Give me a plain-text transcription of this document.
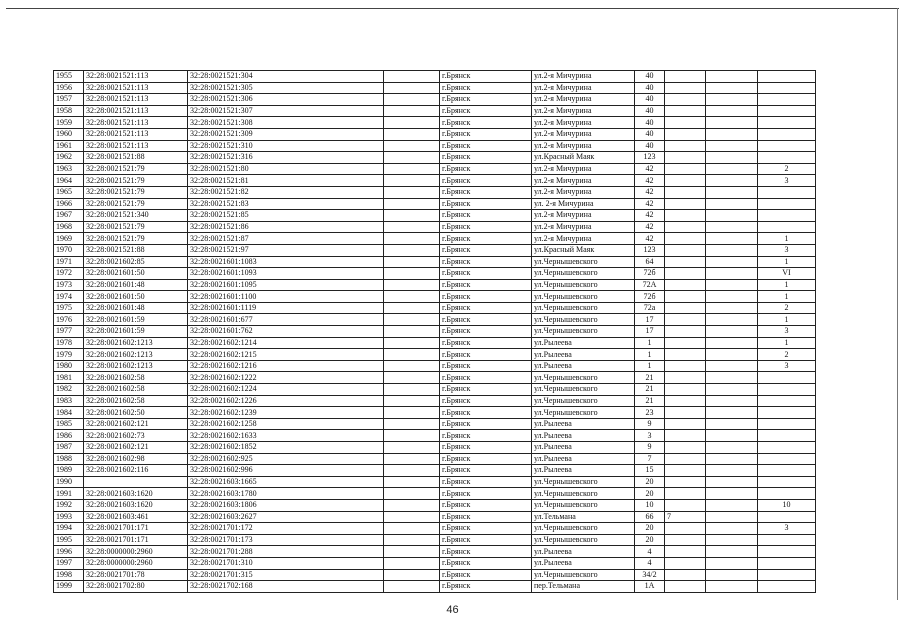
1955	32:28:0021521:113	32:28:0021521:304		г.Брянск	ул.2-я Мичурина	40			
1956	32:28:0021521:113	32:28:0021521:305		г.Брянск	ул.2-я Мичурина	40			
1957	32:28:0021521:113	32:28:0021521:306		г.Брянск	ул.2-я Мичурина	40			
1958	32:28:0021521:113	32:28:0021521:307		г.Брянск	ул.2-я Мичурина	40			
1959	32:28:0021521:113	32:28:0021521:308		г.Брянск	ул.2-я Мичурина	40			
1960	32:28:0021521:113	32:28:0021521:309		г.Брянск	ул.2-я Мичурина	40			
1961	32:28:0021521:113	32:28:0021521:310		г.Брянск	ул.2-я Мичурина	40			
1962	32:28:0021521:88	32:28:0021521:316		г.Брянск	ул.Красный Маяк	123			
1963	32:28:0021521:79	32:28:0021521:80		г.Брянск	ул.2-я Мичурина	42			2
1964	32:28:0021521:79	32:28:0021521:81		г.Брянск	ул.2-я Мичурина	42			3
1965	32:28:0021521:79	32:28:0021521:82		г.Брянск	ул.2-я Мичурина	42			
1966	32:28:0021521:79	32:28:0021521:83		г.Брянск	ул. 2-я Мичурина	42			
1967	32:28:0021521:340	32:28:0021521:85		г.Брянск	ул.2-я Мичурина	42			
1968	32:28:0021521:79	32:28:0021521:86		г.Брянск	ул.2-я Мичурина	42			
1969	32:28:0021521:79	32:28:0021521:87		г.Брянск	ул.2-я Мичурина	42			1
1970	32:28:0021521:88	32:28:0021521:97		г.Брянск	ул.Красный Маяк	123			3
1971	32:28:0021602:85	32:28:0021601:1083		г.Брянск	ул.Чернышевского	64			1
1972	32:28:0021601:50	32:28:0021601:1093		г.Брянск	ул.Чернышевского	72б			VI
1973	32:28:0021601:48	32:28:0021601:1095		г.Брянск	ул.Чернышевского	72А			1
1974	32:28:0021601:50	32:28:0021601:1100		г.Брянск	ул.Чернышевского	72б			1
1975	32:28:0021601:48	32:28:0021601:1119		г.Брянск	ул.Чернышевского	72а			2
1976	32:28:0021601:59	32:28:0021601:677		г.Брянск	ул.Чернышевского	17			1
1977	32:28:0021601:59	32:28:0021601:762		г.Брянск	ул.Чернышевского	17			3
1978	32:28:0021602:1213	32:28:0021602:1214		г.Брянск	ул.Рылеева	1			1
1979	32:28:0021602:1213	32:28:0021602:1215		г.Брянск	ул.Рылеева	1			2
1980	32:28:0021602:1213	32:28:0021602:1216		г.Брянск	ул.Рылеева	1			3
1981	32:28:0021602:58	32:28:0021602:1222		г.Брянск	ул.Чернышевского	21			
1982	32:28:0021602:58	32:28:0021602:1224		г.Брянск	ул.Чернышевского	21			
1983	32:28:0021602:58	32:28:0021602:1226		г.Брянск	ул.Чернышевского	21			
1984	32:28:0021602:50	32:28:0021602:1239		г.Брянск	ул.Чернышевского	23			
1985	32:28:0021602:121	32:28:0021602:1258		г.Брянск	ул.Рылеева	9			
1986	32:28:0021602:73	32:28:0021602:1633		г.Брянск	ул.Рылеева	3			
1987	32:28:0021602:121	32:28:0021602:1852		г.Брянск	ул.Рылеева	9			
1988	32:28:0021602:98	32:28:0021602:925		г.Брянск	ул.Рылеева	7			
1989	32:28:0021602:116	32:28:0021602:996		г.Брянск	ул.Рылеева	15			
1990		32:28:0021603:1665		г.Брянск	ул.Чернышевского	20			
1991	32:28:0021603:1620	32:28:0021603:1780		г.Брянск	ул.Чернышевского	20			
1992	32:28:0021603:1620	32:28:0021603:1806		г.Брянск	ул.Чернышевского	10			10
1993	32:28:0021603:461	32:28:0021603:2627		г.Брянск	ул.Тельмана	66	7		
1994	32:28:0021701:171	32:28:0021701:172		г.Брянск	ул.Чернышевского	20			3
1995	32:28:0021701:171	32:28:0021701:173		г.Брянск	ул.Чернышевского	20			
1996	32:28:0000000:2960	32:28:0021701:288		г.Брянск	ул.Рылеева	4			
1997	32:28:0000000:2960	32:28:0021701:310		г.Брянск	ул.Рылеева	4			
1998	32:28:0021701:78	32:28:0021701:315		г.Брянск	ул.Чернышевского	34/2			
1999	32:28:0021702:80	32:28:0021702:168		г.Брянск	пер.Тельмана	1А			
46
